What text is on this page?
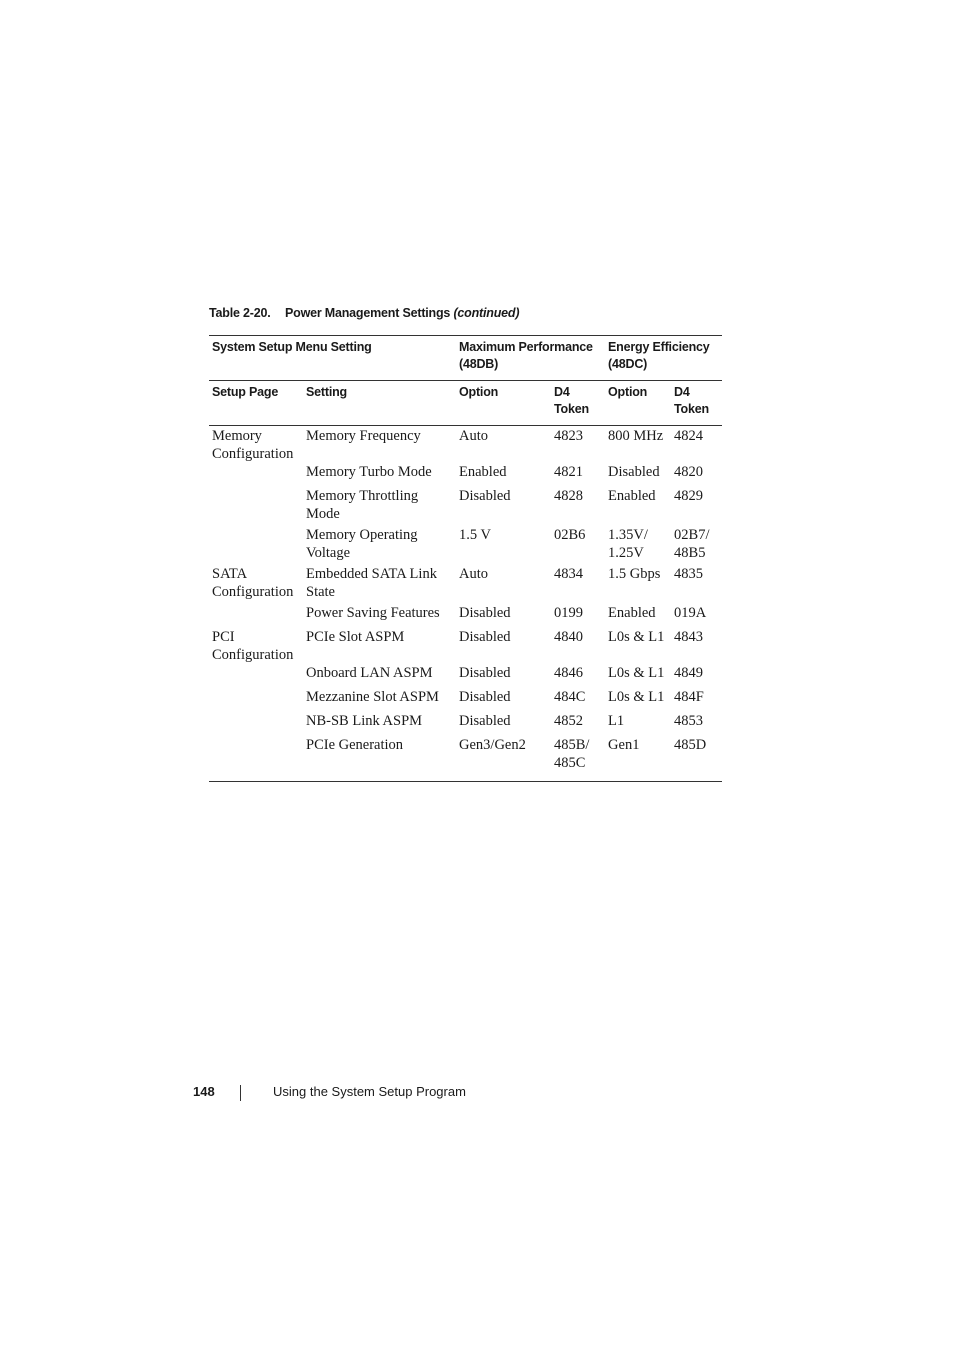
Table 2-20. Power Management Settings (continued)
System Setup Menu Setting		Maximum Performance (48DB)		Energy Efficiency (48DC)	
Setup Page	Setting	Option	D4 Token	Option	D4 Token
Memory Configuration	Memory Frequency	Auto	4823	800 MHz	4824
	Memory Turbo Mode	Enabled	4821	Disabled	4820
	Memory Throttling Mode	Disabled	4828	Enabled	4829
	Memory Operating Voltage	1.5 V	02B6	1.35V/ 1.25V	02B7/ 48B5
SATA Configuration	Embedded SATA Link State	Auto	4834	1.5 Gbps	4835
	Power Saving Features	Disabled	0199	Enabled	019A
PCI Configuration	PCIe Slot ASPM	Disabled	4840	L0s & L1	4843
	Onboard LAN ASPM	Disabled	4846	L0s & L1	4849
	Mezzanine Slot ASPM	Disabled	484C	L0s & L1	484F
	NB-SB Link ASPM	Disabled	4852	L1	4853
	PCIe Generation	Gen3/Gen2	485B/ 485C	Gen1	485D
148	Using the System Setup Program
